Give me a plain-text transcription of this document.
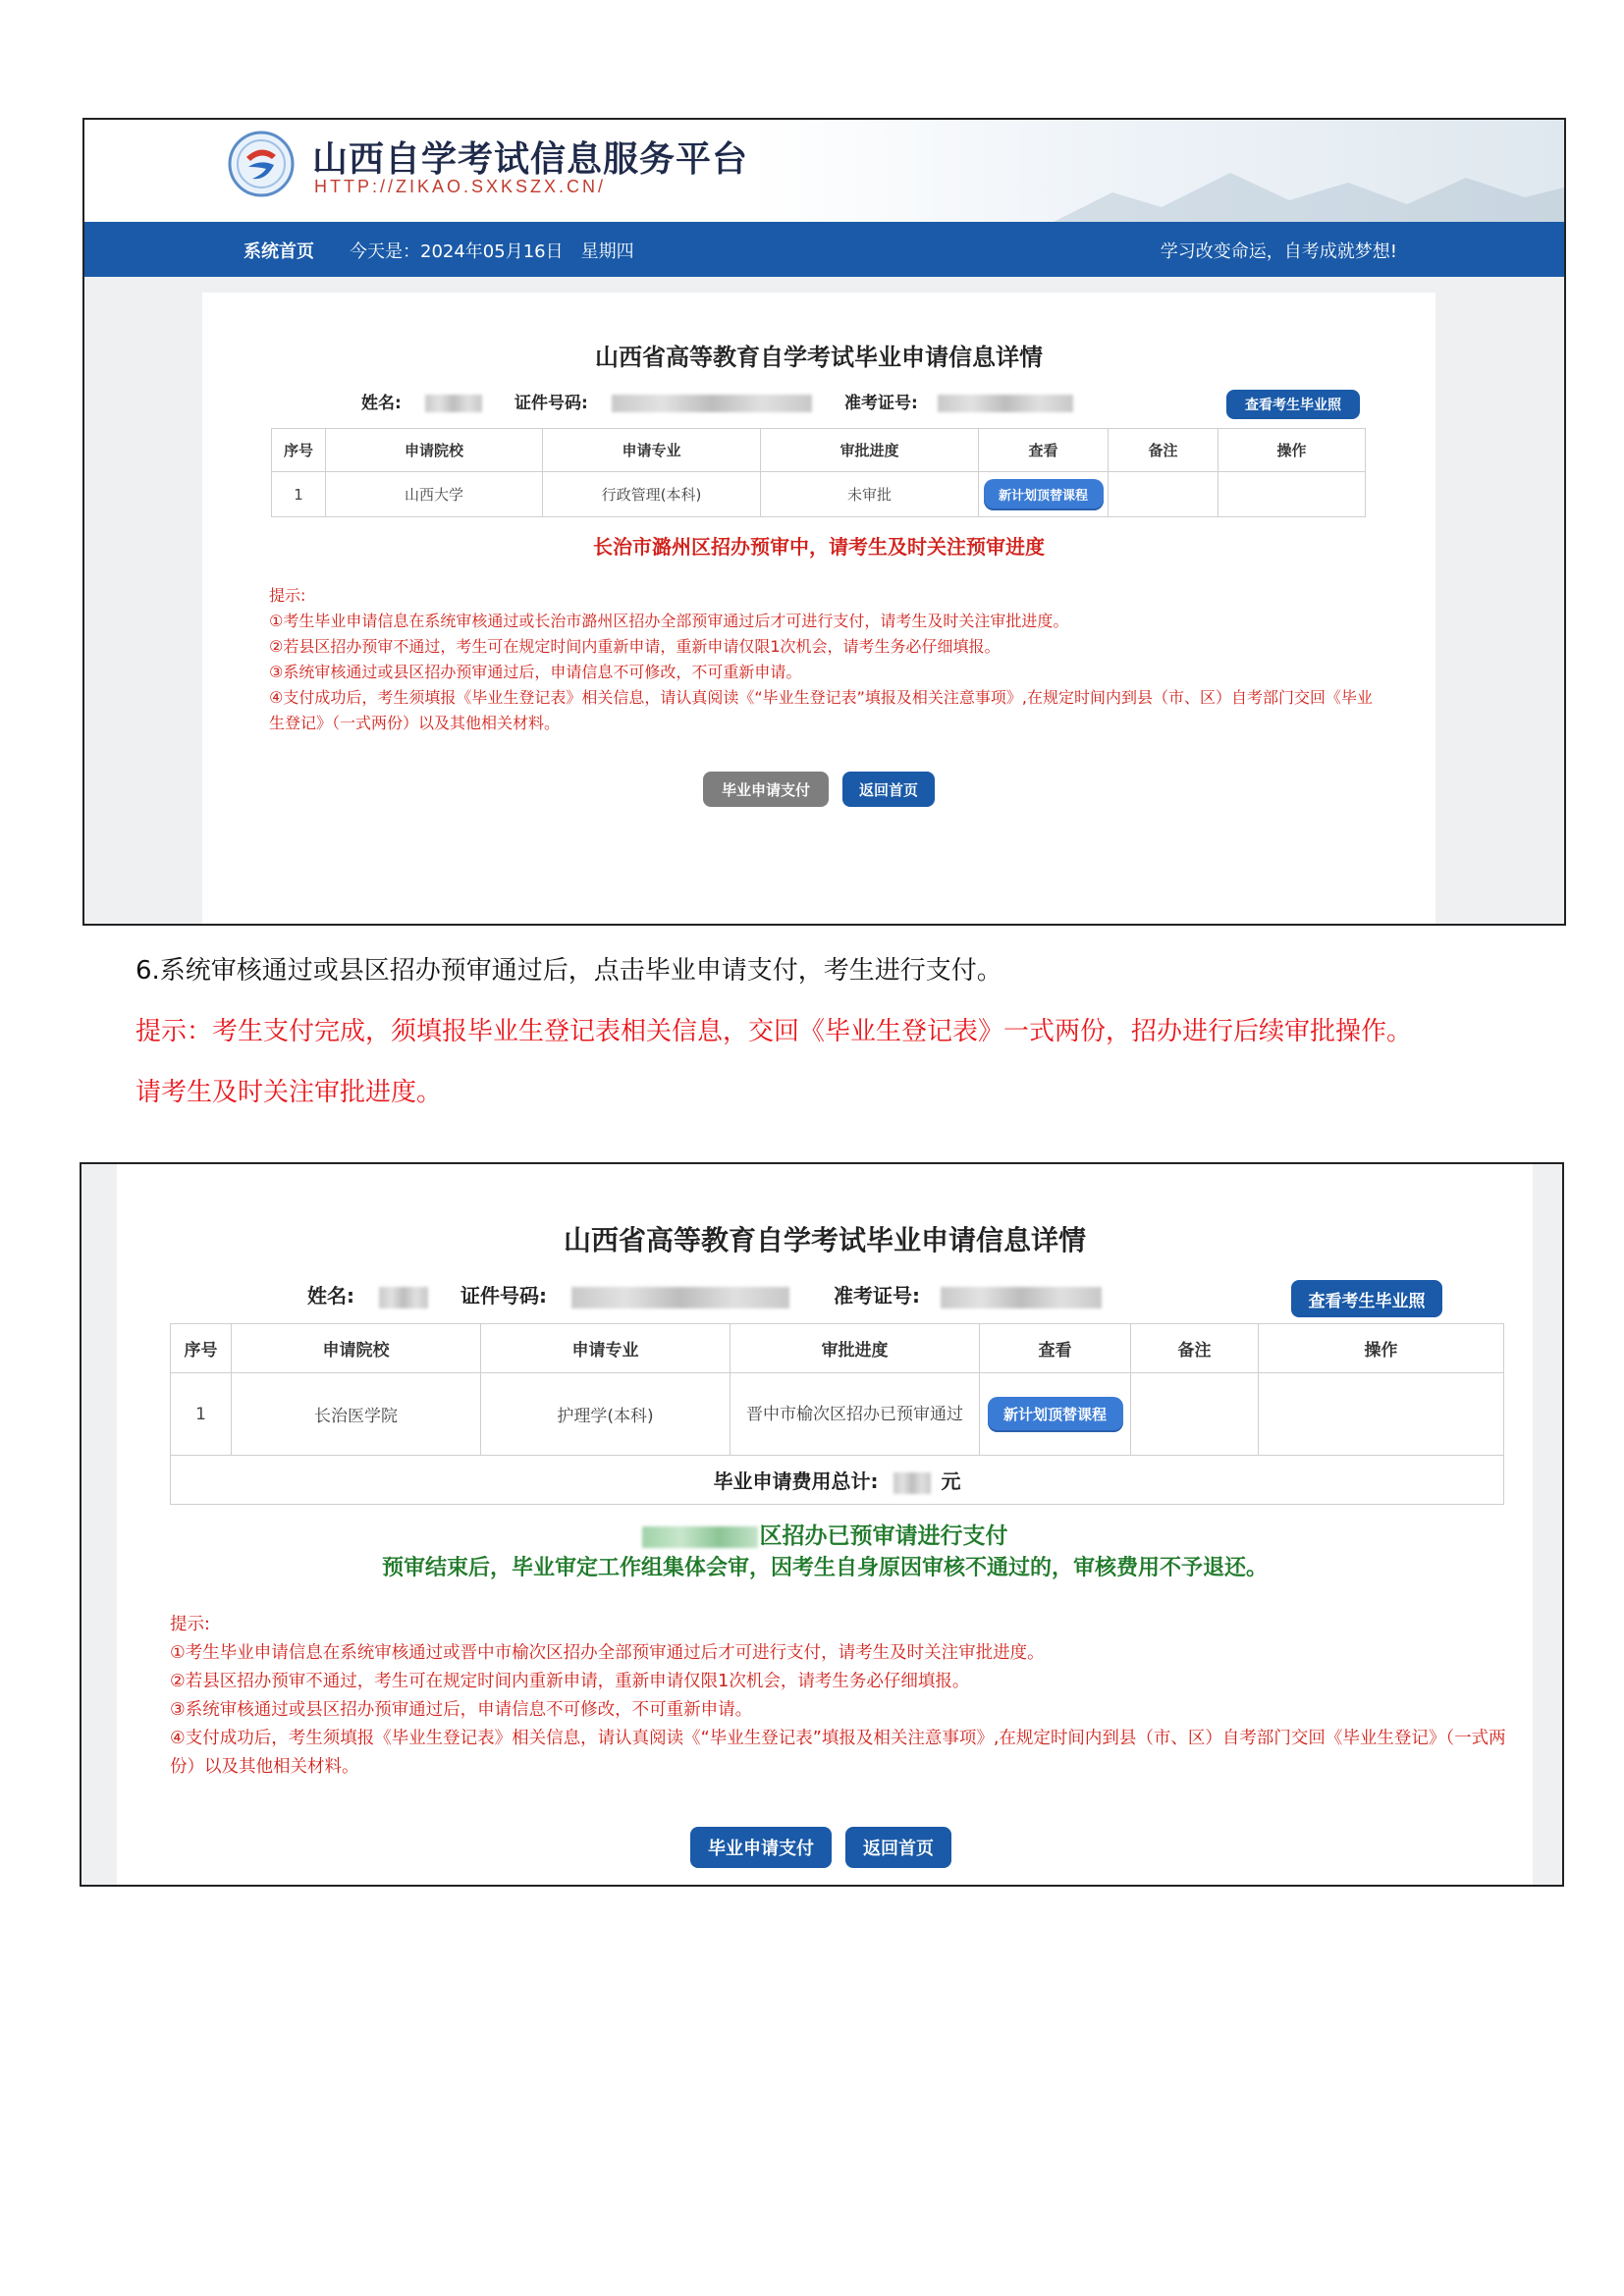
山西自学考试信息服务平台
HTTP://ZIKAO.SXKSZX.CN/
系统首页 今天是：2024年05月16日　星期四	学习改变命运，自考成就梦想!
山西省高等教育自学考试毕业申请信息详情
姓名:	证件号码:	准考证号:	查看考生毕业照
序号	申请院校	申请专业	审批进度	查看	备注	操作
1	山西大学	行政管理(本科)	未审批	新计划顶替课程		
长治市潞州区招办预审中，请考生及时关注预审进度
提示:
①考生毕业申请信息在系统审核通过或长治市潞州区招办全部预审通过后才可进行支付，请考生及时关注审批进度。
②若县区招办预审不通过，考生可在规定时间内重新申请，重新申请仅限1次机会，请考生务必仔细填报。
③系统审核通过或县区招办预审通过后，申请信息不可修改，不可重新申请。
④支付成功后，考生须填报《毕业生登记表》相关信息，请认真阅读《“毕业生登记表”填报及相关注意事项》,在规定时间内到县（市、区）自考部门交回《毕业生登记》（一式两份）以及其他相关材料。
毕业申请支付	返回首页
6.系统审核通过或县区招办预审通过后，点击毕业申请支付，考生进行支付。
提示：考生支付完成，须填报毕业生登记表相关信息，交回《毕业生登记表》一式两份，招办进行后续审批操作。
请考生及时关注审批进度。
山西省高等教育自学考试毕业申请信息详情
姓名:	证件号码:	准考证号:	查看考生毕业照
序号	申请院校	申请专业	审批进度	查看	备注	操作
1	长治医学院	护理学(本科)	晋中市榆次区招办已预审通过	新计划顶替课程		
毕业申请费用总计: 元						
区招办已预审请进行支付
预审结束后，毕业审定工作组集体会审，因考生自身原因审核不通过的，审核费用不予退还。
提示:
①考生毕业申请信息在系统审核通过或晋中市榆次区招办全部预审通过后才可进行支付，请考生及时关注审批进度。
②若县区招办预审不通过，考生可在规定时间内重新申请，重新申请仅限1次机会，请考生务必仔细填报。
③系统审核通过或县区招办预审通过后，申请信息不可修改，不可重新申请。
④支付成功后，考生须填报《毕业生登记表》相关信息，请认真阅读《“毕业生登记表”填报及相关注意事项》,在规定时间内到县（市、区）自考部门交回《毕业生登记》（一式两份）以及其他相关材料。
毕业申请支付	返回首页
